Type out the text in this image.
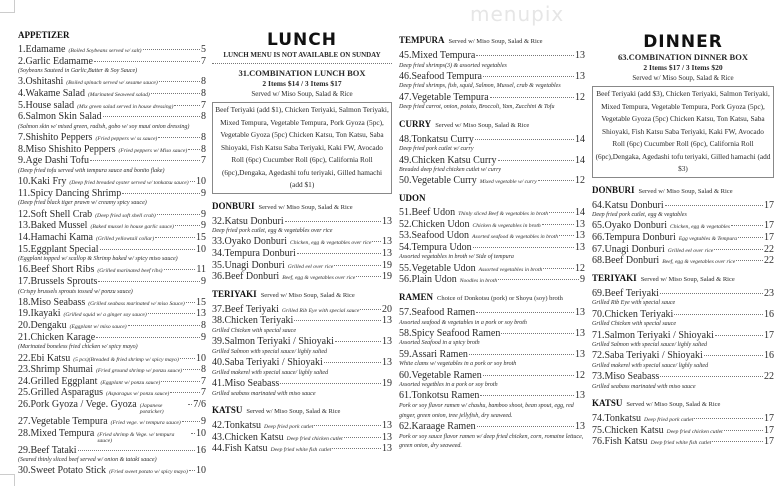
menupix
APPETIZER
1.Edamame (Boiled Soybeans served w/ salt)	5
2.Garlic Edamame	7
(Soybeans Sauteed in Garlic,Butter & Soy Sauce)
3.Oshitashi (Boiled spinach served w/ sesame sauce)	8
4.Wakame Salad (Marinated Seaweed salad)	8
5.House salad (Mix green salad served in house dressing)	7
6.Salmon Skin Salad	8
(Salmon skin w/ mixed green, radish, gobo w/ soy maui onion dressing)
7.Shishito Peppers (Fried peppers w/ ss sauce)	8
8.Miso Shishito Peppers (Fried peppers w/ Miso sauce) 8
9.Age Dashi Tofu	7
(Deep fried tofu served with tempura sauce and bonito flake)
10.Kaki Fry (Deep fried breaded oyster served w/ tonkatsu sauce) 10
11.Spicy Dancing Shrimp	9
(Deep fried black tiger prawn w/ creamy spicy sauce)
12.Soft Shell Crab (Deep fried soft shell crab)	9
13.Baked Mussel (Baked mussel in house garlic sauce)	9
14.Hamachi Kama (Grilled yellowtail collar)	15
15.Eggplant Special	10
(Eggplant topped w/ scallop & Shrimp baked w/ spicy miso sauce)
16.Beef Short Ribs (Grilled marinated beef ribs)	11
17.Brussels Sprouts	9
(Crispy brussels sprouts tossed w/ ponzu sauce)
18.Miso Seabass (Grilled seabass marinated w/ miso Sauce) 15
19.Ikayaki (Grilled squid w/ a ginger soy sauce)	13
20.Dengaku (Eggplant w/ miso sauce)	8
21.Chicken Karage	9
(Marinated boneless fried chicken w/ spicy mayo)
22.Ebi Katsu (5 pcs)(Breaded & fried shrimp w/ spicy mayo) 10
23.Shrimp Shumai (Fried ground shrimp w/ ponzu sauce) 8
24.Grilled Eggplant (Eggplant w/ ponzu sauce)	7
25.Grilled Asparagus (Asparagus w/ ponzu sauce)	7
26.Pork Gyoza / Vege. Gyoza (Japanese potsticker)
7/6
27.Vegetable Tempura (Fried vege. w/ tempura sauce) 9
28.Mixed Tempura (Fried shrimp & Vege. w/ tempura sauce)
10
29.Beef Tataki	16
(Seared thinly sliced beef served w/ onion & tataki sauce)
30.Sweet Potato Stick (Fried sweet potato w/ spicy mayo) 10
LUNCH
LUNCH MENU IS NOT AVAILABLE ON SUNDAY
31.COMBINATION LUNCH BOX
2 Items $14 / 3 Items $17
Served w/ Miso Soup, Salad & Rice
Beef Teriyaki (add $1), Chicken Teriyaki, Salmon Teriyaki, Mixed Tempura, Vegetable Tempura, Pork Gyoza (5pc), Vegetable Gyoza (5pc) Chicken Katsu, Ton Katsu, Saba Shioyaki, Fish Katsu Saba Teriyaki, Kaki FW, Avocado Roll (6pc) Cucumber Roll (6pc), California Roll (6pc),Dengaka, Agedashi tofu teriyaki, Gilled hamachi (add $1)
DONBURI Served w/ Miso Soup, Salad & Rice
32.Katsu Donburi	13
Deep fried pork cutlet, egg & vegetables over rice
33.Oyako Donburi Chicken, egg & vegetables over rice 13
34.Tempura Donburi	13
35.Unagi Donburi Grilled eel over rice	19
36.Beef Donburi Beef, egg & vegetables over rice	19
TERIYAKI Served w/ Miso Soup, Salad & Rice
37.Beef Teriyaki Grilled Rib Eye with special sauce 20
38.Chicken Teriyaki	13
Grilled Chicken with special sauce
39.Salmon Teriyaki / Shioyaki	13
Grilled Salmon with special sauce/ lighly salted
40.Saba Teriyaki / Shioyaki	13
Grilled makerel with special sauce/ lighly salted
41.Miso Seabass	19
Grilled seabass marinated with miso sauce
KATSU Served w/ Miso Soup, Salad & Rice
42.Tonkatsu Deep fried pork cutlet	13
43.Chicken Katsu Deep fried chicken cutlet	13
44.Fish Katsu Deep fried white fish cutlet	13
TEMPURA Served w/ Miso Soup, Salad & Rice
45.Mixed Tempura	13
Deep fried shrimps(3) & assorted vegetables
46.Seafood Tempura	13
Deep fried shrimps, fish, squid, Salmon, Mussel, crab & vegetables
47.Vegetable Tempura	12
Deep fried carrot, onion, potato, Broccoli, Yam, Zucchini & Tofu
CURRY Served w/ Miso Soup, Salad & Rice
48.Tonkatsu Curry	14
Deep fried pork cutlet w/ curry
49.Chicken Katsu Curry	14
Breaded deep fried chicken cutlet w/ curry
50.Vegetable Curry Mixed vegetable w/ curry	12
UDON
51.Beef Udon Thinly sliced Beef & vegetables in broth	14
52.Chicken Udon Chicken & vegetables in broth	13
53.Seafood Udon Asorted seafood & vegetables in broth 13
54.Tempura Udon	13
Assorted vegetables in broth w/ Side of tempura
55.Vegetable Udon Assorted vegetables in broth	12
56.Plain Udon Noodles in broth	9
RAMEN Choice of Donkotsu (pork) or Shoyu (soy) broth
57.Seafood Ramen	13
Assorted seafood & vegetables in a pork or soy broth
58.Spicy Seafood Ramen	13
Assorted Seafood in a spicy broth
59.Assari Ramen	13
White clams w/ vegetables in a pork or soy broth
60.Vegetable Ramen	12
Assorted vegetbles in a pork or soy broth
61.Tonkotsu Ramen	13
Pork or soy flavor ramen w/ chashu, bamboo shoot, bean spout, egg, red ginger, green onion, tree jellyfish, dry seaweed.
62.Karaage Ramen	13
Pork or soy sauce flavor ramen w/ deep fried chicken, corn, romaine lettuce, green onion, dry seaweed.
DINNER
63.COMBINATION DINNER BOX
2 Items $17 / 3 Items $20
Served w/ Miso Soup, Salad & Rice
Beef Teriyaki (add $3), Chicken Teriyaki, Salmon Teriyaki, Mixed Tempura, Vegetable Tempura, Pork Gyoza (5pc), Vegetable Gyoza (5pc) Chicken Katsu, Ton Katsu, Saba Shioyaki, Fish Katsu Saba Teriyaki, Kaki FW, Avocado Roll (6pc) Cucumber Roll (6pc), California Roll (6pc),Dengaka, Agedashi tofu teriyaki, Gilled hamachi (add $3)
DONBURI Served w/ Miso Soup, Salad & Rice
64.Katsu Donburi	17
Deep fried pork cutlet, egg & vegtables
65.Oyako Donburi Chicken, egg & vegetables	17
66.Tempura Donburi Egg vegtables & Tempura	17
67.Unagi Donburi Grilled eel over rice	22
68.Beef Donburi Beef, egg & vegetables over rice	22
TERIYAKI Served w/ Miso Soup, Salad & Rice
69.Beef Teriyaki	23
Grilled Rib Eye with special sauce
70.Chicken Teriyaki	16
Grilled Chicken with special sauce
71.Salmon Teriyaki / Shioyaki	17
Grilled Salmon with special sauce/ lighly salted
72.Saba Teriyaki / Shioyaki	16
Grilled makerel with special sauce/ lighly salted
73.Miso Seabass	22
Grilled seabass marinated with miso sauce
KATSU Served w/ Miso Soup, Salad & Rice
74.Tonkatsu Deep fried pork cutlet	17
75.Chicken Katsu Deep fried chicken cutlet	17
76.Fish Katsu Deep fried white fish cutlet	17
